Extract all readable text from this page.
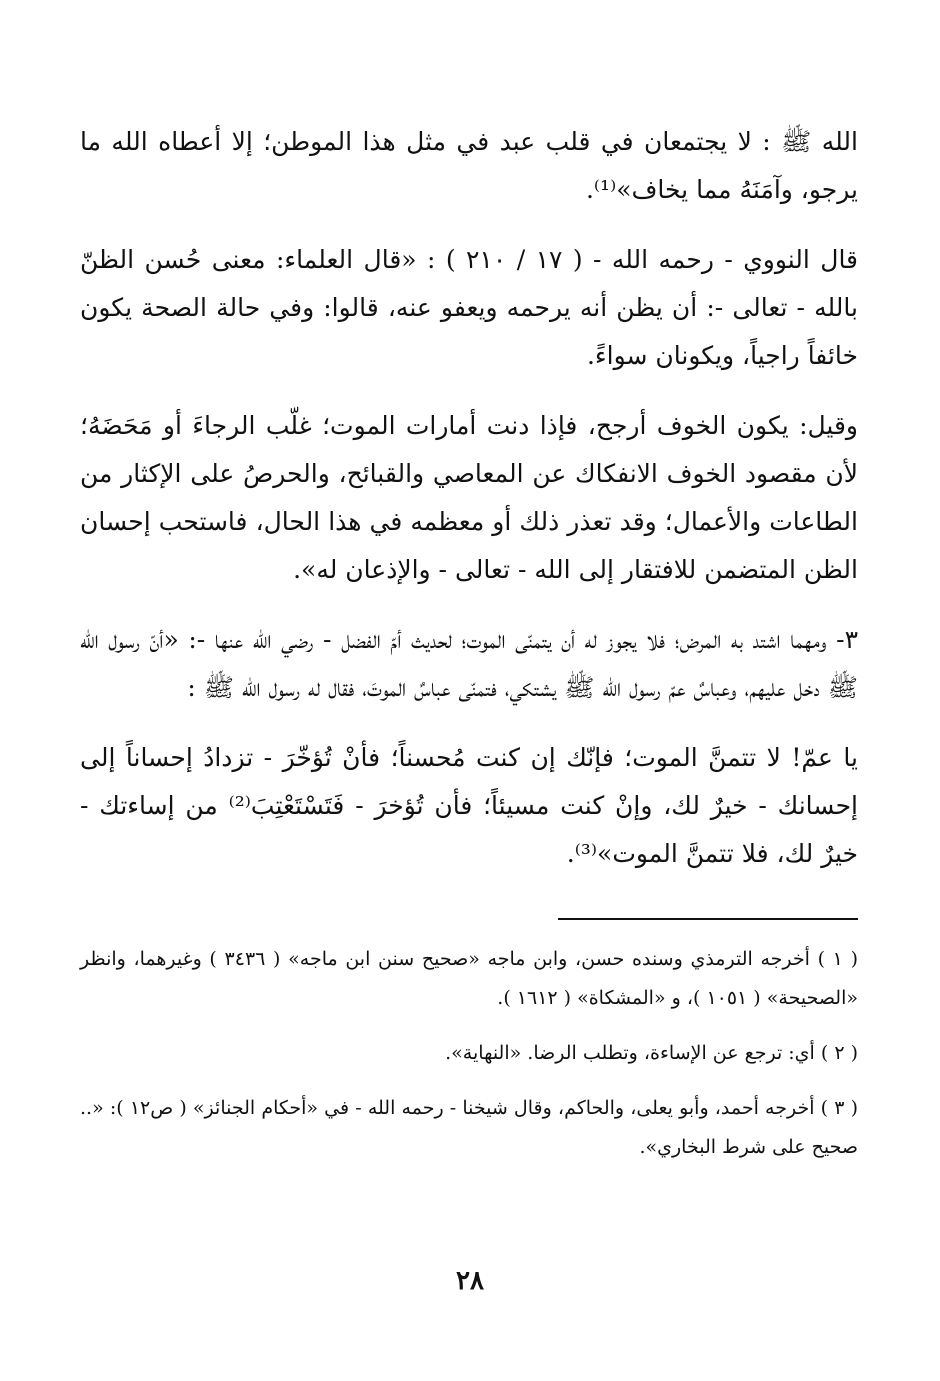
الله ﷺ : لا يجتمعان في قلب عبد في مثل هذا الموطن؛ إلا أعطاه الله ما يرجو، وآمَنَهُ مما يخاف»⁽¹⁾.

قال النووي - رحمه الله - ( ١٧ / ٢١٠ ) : «قال العلماء: معنى حُسن الظنّ بالله - تعالى -: أن يظن أنه يرحمه ويعفو عنه، قالوا: وفي حالة الصحة يكون خائفاً راجياً، ويكونان سواءً.

وقيل: يكون الخوف أرجح، فإذا دنت أمارات الموت؛ غلّب الرجاءَ أو مَحَضَهُ؛ لأن مقصود الخوف الانفكاك عن المعاصي والقبائح، والحرصُ على الإكثار من الطاعات والأعمال؛ وقد تعذر ذلك أو معظمه في هذا الحال، فاستحب إحسان الظن المتضمن للافتقار إلى الله - تعالى - والإذعان له».

٣- ومهما اشتد به المرض؛ فلا يجوز له أن يتمنّى الموت؛ لحديث أمّ الفضل - رضي الله عنها -: «أنّ رسول الله ﷺ دخل عليهم، وعباسٌ عمّ رسول الله ﷺ يشتكي، فتمنّى عباسٌ الموتَ، فقال له رسول الله ﷺ :

يا عمّ! لا تتمنَّ الموت؛ فإنّك إن كنت مُحسناً؛ فأنْ تُؤخّرَ - تزدادُ إحساناً إلى إحسانك - خيرٌ لك، وإنْ كنت مسيئاً؛ فأن تُؤخرَ - فَتَسْتَعْتِبَ⁽²⁾ من إساءتك - خيرٌ لك، فلا تتمنَّ الموت»⁽³⁾.

( ١ ) أخرجه الترمذي وسنده حسن، وابن ماجه «صحيح سنن ابن ماجه» ( ٣٤٣٦ ) وغيرهما، وانظر «الصحيحة» ( ١٠٥١ )، و «المشكاة» ( ١٦١٢ ).

( ٢ ) أي: ترجع عن الإساءة، وتطلب الرضا. «النهاية».

( ٣ ) أخرجه أحمد، وأبو يعلى، والحاكم، وقال شيخنا - رحمه الله - في «أحكام الجنائز» ( ص١٢ ): «.. صحيح على شرط البخاري».

٢٨
